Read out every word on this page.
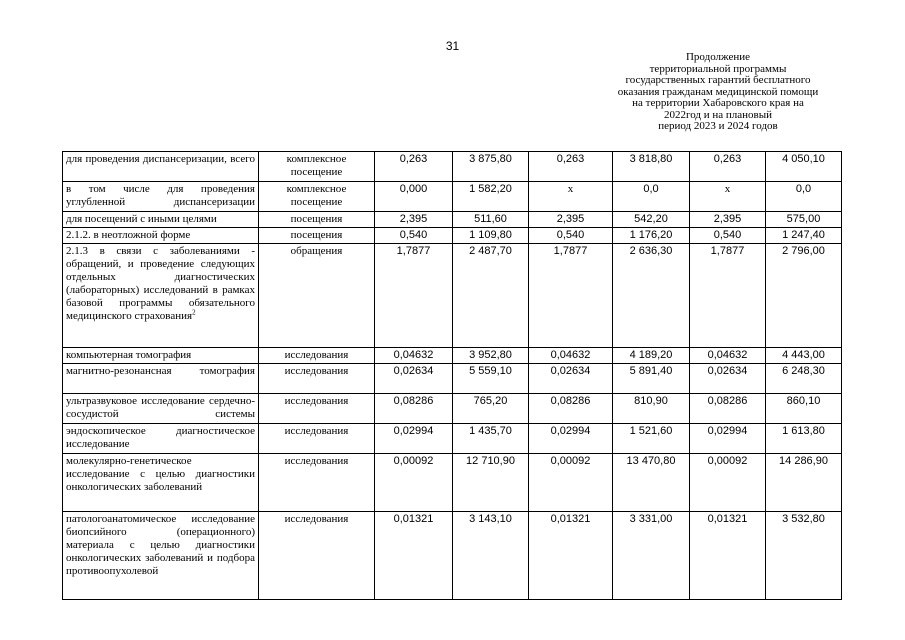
31
Продолжение
территориальной программы
государственных гарантий бесплатного
оказания гражданам медицинской помощи
на территории Хабаровского края на
2022год и на плановый
период 2023 и 2024 годов
для проведения диспансеризации, всего	комплексное посещение	0,263	3 875,80	0,263	3 818,80	0,263	4 050,10
в том числе для проведения углубленной диспансеризации	комплексное посещение	0,000	1 582,20	х	0,0	х	0,0
для посещений с иными целями	посещения	2,395	511,60	2,395	542,20	2,395	575,00
2.1.2. в неотложной форме	посещения	0,540	1 109,80	0,540	1 176,20	0,540	1 247,40
2.1.3 в связи с заболеваниями - обращений, и проведение следующих отдельных диагностических (лабораторных) исследований в рамках базовой программы обязательного медицинского страхования$^2$	обращения	1,7877	2 487,70	1,7877	2 636,30	1,7877	2 796,00
компьютерная томография	исследования	0,04632	3 952,80	0,04632	4 189,20	0,04632	4 443,00
магнитно-резонансная томография	исследования	0,02634	5 559,10	0,02634	5 891,40	0,02634	6 248,30
ультразвуковое исследование сердечно-сосудистой системы	исследования	0,08286	765,20	0,08286	810,90	0,08286	860,10
эндоскопическое диагностическое исследование	исследования	0,02994	1 435,70	0,02994	1 521,60	0,02994	1 613,80
молекулярно-генетическое исследование с целью диагностики онкологических заболеваний	исследования	0,00092	12 710,90	0,00092	13 470,80	0,00092	14 286,90
патологоанатомическое исследование биопсийного (операционного) материала с целью диагностики онкологических заболеваний и подбора противоопухолевой	исследования	0,01321	3 143,10	0,01321	3 331,00	0,01321	3 532,80
